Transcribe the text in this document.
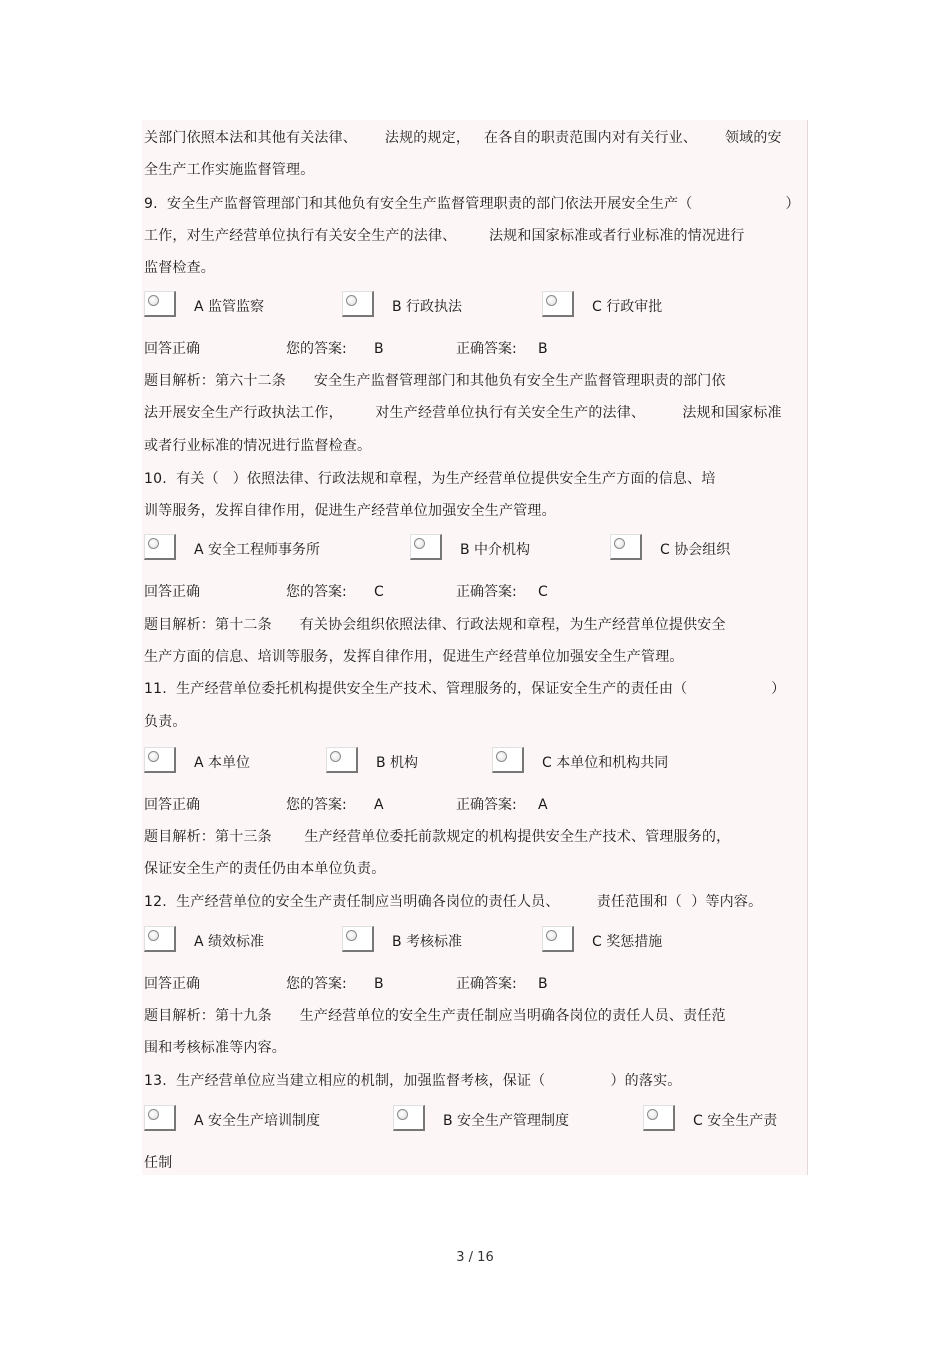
关部门依照本法和其他有关法律、      法规的规定，   在各自的职责范围内对有关行业、      领域的安
全生产工作实施监督管理。
9.  安全生产监督管理部门和其他负有安全生产监督管理职责的部门依法开展安全生产（                    ）
工作，对生产经营单位执行有关安全生产的法律、       法规和国家标准或者行业标准的情况进行
监督检查。
A 监管监察	B 行政执法	C 行政审批
回答正确	您的答案: B	正确答案: B
题目解析：第六十二条      安全生产监督管理部门和其他负有安全生产监督管理职责的部门依
法开展安全生产行政执法工作，       对生产经营单位执行有关安全生产的法律、        法规和国家标准
或者行业标准的情况进行监督检查。
10.  有关（   ）依照法律、行政法规和章程，为生产经营单位提供安全生产方面的信息、培
训等服务，发挥自律作用，促进生产经营单位加强安全生产管理。
A 安全工程师事务所	B 中介机构	C 协会组织
回答正确	您的答案: C	正确答案: C
题目解析：第十二条      有关协会组织依照法律、行政法规和章程，为生产经营单位提供安全
生产方面的信息、培训等服务，发挥自律作用，促进生产经营单位加强安全生产管理。
11.  生产经营单位委托机构提供安全生产技术、管理服务的，保证安全生产的责任由（                  ）
负责。
A 本单位	B 机构	C 本单位和机构共同
回答正确	您的答案: A	正确答案: A
题目解析：第十三条       生产经营单位委托前款规定的机构提供安全生产技术、管理服务的，
保证安全生产的责任仍由本单位负责。
12.  生产经营单位的安全生产责任制应当明确各岗位的责任人员、        责任范围和（  ）等内容。
A 绩效标准	B 考核标准	C 奖惩措施
回答正确	您的答案: B	正确答案: B
题目解析：第十九条      生产经营单位的安全生产责任制应当明确各岗位的责任人员、责任范
围和考核标准等内容。
13.  生产经营单位应当建立相应的机制，加强监督考核，保证（              ）的落实。
A 安全生产培训制度	B 安全生产管理制度	C 安全生产责
任制
3 / 16
